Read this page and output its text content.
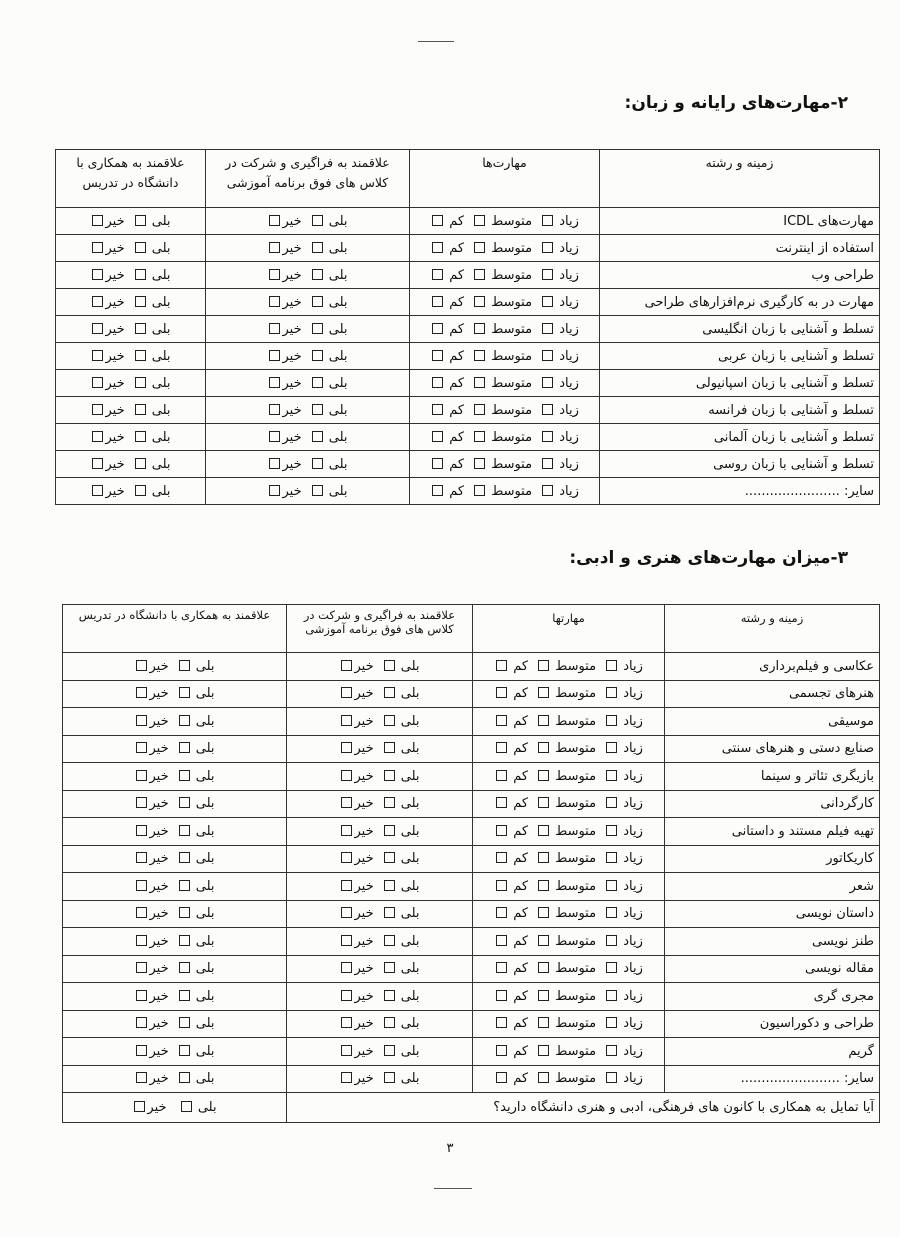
۲-مهارت‌های رایانه و زبان:
زمینه و رشته	مهارت‌ها	علاقمند به فراگیری و شرکت در کلاس های فوق برنامه آموزشی	علاقمند به همکاری با دانشگاه در تدریس
مهارت‌های ICDL	زیاد متوسط کم	بلی خیر	بلی خیر
استفاده از اینترنت	زیاد متوسط کم	بلی خیر	بلی خیر
طراحی وب	زیاد متوسط کم	بلی خیر	بلی خیر
مهارت در به کارگیری نرم‌افزارهای طراحی	زیاد متوسط کم	بلی خیر	بلی خیر
تسلط و آشنایی با زبان انگلیسی	زیاد متوسط کم	بلی خیر	بلی خیر
تسلط و آشنایی با زبان عربی	زیاد متوسط کم	بلی خیر	بلی خیر
تسلط و آشنایی با زبان اسپانیولی	زیاد متوسط کم	بلی خیر	بلی خیر
تسلط و آشنایی با زبان فرانسه	زیاد متوسط کم	بلی خیر	بلی خیر
تسلط و آشنایی با زبان آلمانی	زیاد متوسط کم	بلی خیر	بلی خیر
تسلط و آشنایی با زبان روسی	زیاد متوسط کم	بلی خیر	بلی خیر
سایر: .......................	زیاد متوسط کم	بلی خیر	بلی خیر
۳-میزان مهارت‌های هنری و ادبی:
زمینه و رشته	مهارتها	علاقمند به فراگیری و شرکت در کلاس های فوق برنامه آموزشی	علاقمند به همکاری با دانشگاه در تدریس
عکاسی و فیلم‌برداری	زیاد متوسط کم	بلی خیر	بلی خیر
هنرهای تجسمی	زیاد متوسط کم	بلی خیر	بلی خیر
موسیقی	زیاد متوسط کم	بلی خیر	بلی خیر
صنایع دستی و هنرهای سنتی	زیاد متوسط کم	بلی خیر	بلی خیر
بازیگری تئاتر و سینما	زیاد متوسط کم	بلی خیر	بلی خیر
کارگردانی	زیاد متوسط کم	بلی خیر	بلی خیر
تهیه فیلم مستند و داستانی	زیاد متوسط کم	بلی خیر	بلی خیر
کاریکاتور	زیاد متوسط کم	بلی خیر	بلی خیر
شعر	زیاد متوسط کم	بلی خیر	بلی خیر
داستان نویسی	زیاد متوسط کم	بلی خیر	بلی خیر
طنز نویسی	زیاد متوسط کم	بلی خیر	بلی خیر
مقاله نویسی	زیاد متوسط کم	بلی خیر	بلی خیر
مجری گری	زیاد متوسط کم	بلی خیر	بلی خیر
طراحی و دکوراسیون	زیاد متوسط کم	بلی خیر	بلی خیر
گریم	زیاد متوسط کم	بلی خیر	بلی خیر
سایر: ........................	زیاد متوسط کم	بلی خیر	بلی خیر
آیا تمایل به همکاری با کانون های فرهنگی، ادبی و هنری دانشگاه دارید؟			بلی  خیر
۳
